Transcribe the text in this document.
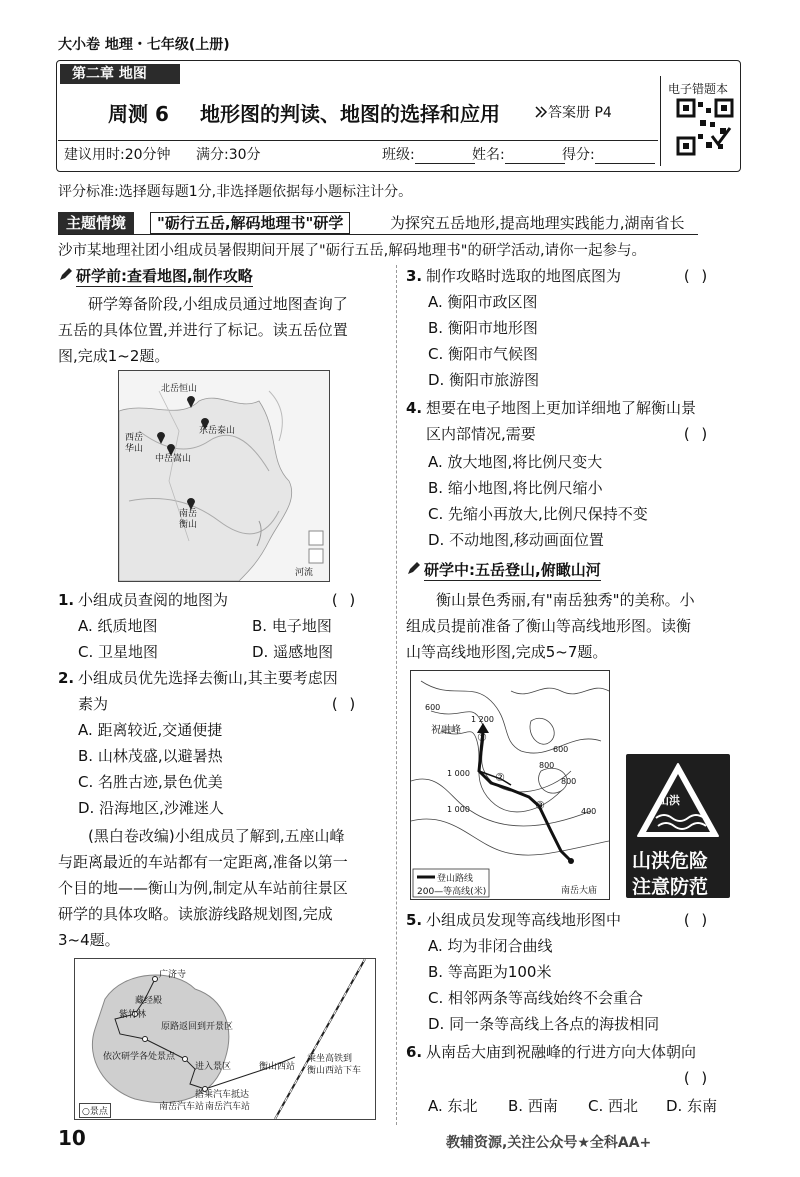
大小卷 地理・七年级(上册)
第二章 地图
周测 6 地形图的判读、地图的选择和应用	答案册 P4
电子错题本
建议用时:20分钟 满分:30分	班级:	姓名:	得分:
评分标准:选择题每题1分,非选择题依据每小题标注计分。
主题情境	"砺行五岳,解码地理书"研学	为探究五岳地形,提高地理实践能力,湖南省长
沙市某地理社团小组成员暑假期间开展了"砺行五岳,解码地理书"的研学活动,请你一起参与。
研学前:查看地图,制作攻略
研学筹备阶段,小组成员通过地图查询了
五岳的具体位置,并进行了标记。读五岳位置
图,完成1~2题。
北岳恒山
西岳华山
中岳嵩山
东岳泰山
南岳衡山
河流
1. 小组成员查阅的地图为	( )
A. 纸质地图	B. 电子地图
C. 卫星地图	D. 遥感地图
2. 小组成员优先选择去衡山,其主要考虑因
素为	( )
A. 距离较近,交通便捷
B. 山林茂盛,以避暑热
C. 名胜古迹,景色优美
D. 沿海地区,沙滩迷人
(黑白卷改编)小组成员了解到,五座山峰
与距离最近的车站都有一定距离,准备以第一
个目的地——衡山为例,制定从车站前往景区
研学的具体攻略。读旅游线路规划图,完成
3~4题。
广济寺
藏经殿
紫竹林
原路返回到开景区
依次研学各处景点
进入景区	衡山西站
乘坐高铁到
衡山西站下车
搭乘汽车抵达
南岳汽车站 南岳汽车站
○景点
3. 制作攻略时选取的地图底图为	( )
A. 衡阳市政区图
B. 衡阳市地形图
C. 衡阳市气候图
D. 衡阳市旅游图
4. 想要在电子地图上更加详细地了解衡山景
区内部情况,需要	( )
A. 放大地图,将比例尺变大
B. 缩小地图,将比例尺缩小
C. 先缩小再放大,比例尺保持不变
D. 不动地图,移动画面位置
研学中:五岳登山,俯瞰山河
衡山景色秀丽,有"南岳独秀"的美称。小
组成员提前准备了衡山等高线地形图。读衡
山等高线地形图,完成5~7题。
祝融峰
600
1 200
600
800
1 000
800
1 000	400
①
②
③
南岳大庙
登山路线
200—等高线(米)
山洪
山洪危险
注意防范
5. 小组成员发现等高线地形图中	( )
A. 均为非闭合曲线
B. 等高距为100米
C. 相邻两条等高线始终不会重合
D. 同一条等高线上各点的海拔相同
6. 从南岳大庙到祝融峰的行进方向大体朝向
( )
A. 东北 B. 西南 C. 西北 D. 东南
10	教辅资源,关注公众号★全科AA+
